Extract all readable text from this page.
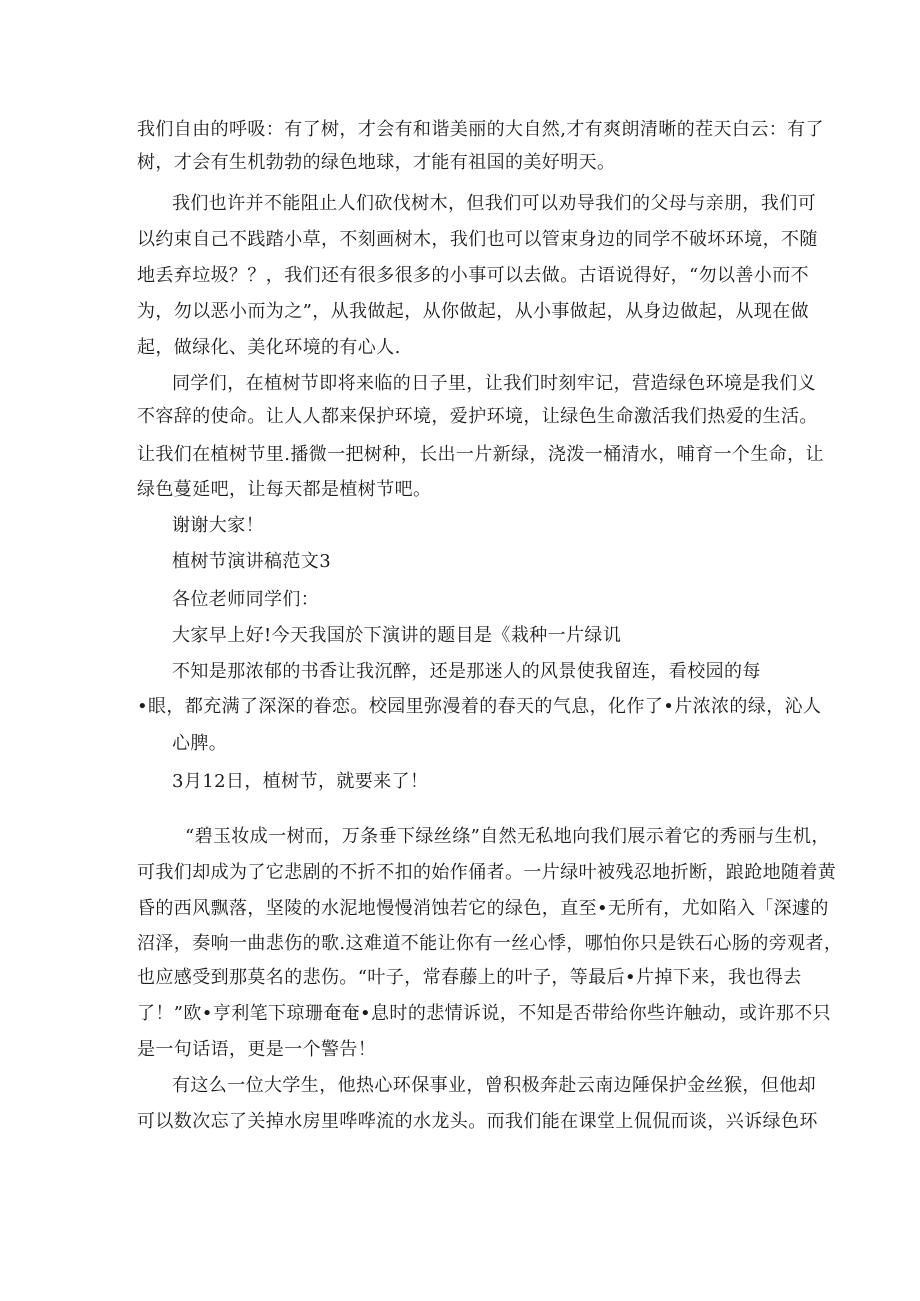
我们自由的呼吸：有了树，才会有和谐美丽的大自然,才有爽朗清晰的茬天白云：有了

树，才会有生机勃勃的绿色地球，才能有祖国的美好明天。

我们也许并不能阻止人们砍伐树木，但我们可以劝导我们的父母与亲朋，我们可

以约束自己不践踏小草，不刻画树木，我们也可以管束身边的同学不破坏环境，不随

地丢弃垃圾？？，我们还有很多很多的小事可以去做。古语说得好，“勿以善小而不

为，勿以恶小而为之”，从我做起，从你做起，从小事做起，从身边做起，从现在做

起，做绿化、美化环境的有心人.

同学们，在植树节即将来临的日子里，让我们时刻牢记，营造绿色环境是我们义

不容辞的使命。让人人都来保护环境，爱护环境，让绿色生命激活我们热爱的生活。

让我们在植树节里.播微一把树种，长出一片新绿，浇泼一桶清水，哺育一个生命，让

绿色蔓延吧，让每天都是植树节吧。

谢谢大家！

植树节演讲稿范文3

各位老师同学们：

大家早上好!今天我国於下演讲的题目是《栽种一片绿讥

不知是那浓郁的书香让我沉醉，还是那迷人的风景使我留连，看校园的每

•眼，都充满了深深的眷恋。校园里弥漫着的春天的气息，化作了•片浓浓的绿，沁人

心脾。

3月12日，植树节，就要来了！

“碧玉妆成一树而，万条垂下绿丝绦”自然无私地向我们展示着它的秀丽与生机，

可我们却成为了它悲剧的不折不扣的始作俑者。一片绿叶被残忍地折断，踉跄地随着黄

昏的西风飘落，坚陵的水泥地慢慢消蚀若它的绿色，直至•无所有，尤如陷入「深遽的

沼泽，奏响一曲悲伤的歌.这难道不能让你有一丝心悸，哪怕你只是铁石心肠的旁观者，

也应感受到那莫名的悲伤。“叶子，常春藤上的叶子，等最后•片掉下来，我也得去

了！”欧•亨利笔下琼珊奄奄•息时的悲情诉说，不知是否带给你些许触动，或许那不只

是一句话语，更是一个警告！

有这么一位大学生，他热心环保事业，曾积极奔赴云南边陲保护金丝猴，但他却

可以数次忘了关掉水房里哗哗流的水龙头。而我们能在课堂上侃侃而谈，兴诉绿色环
